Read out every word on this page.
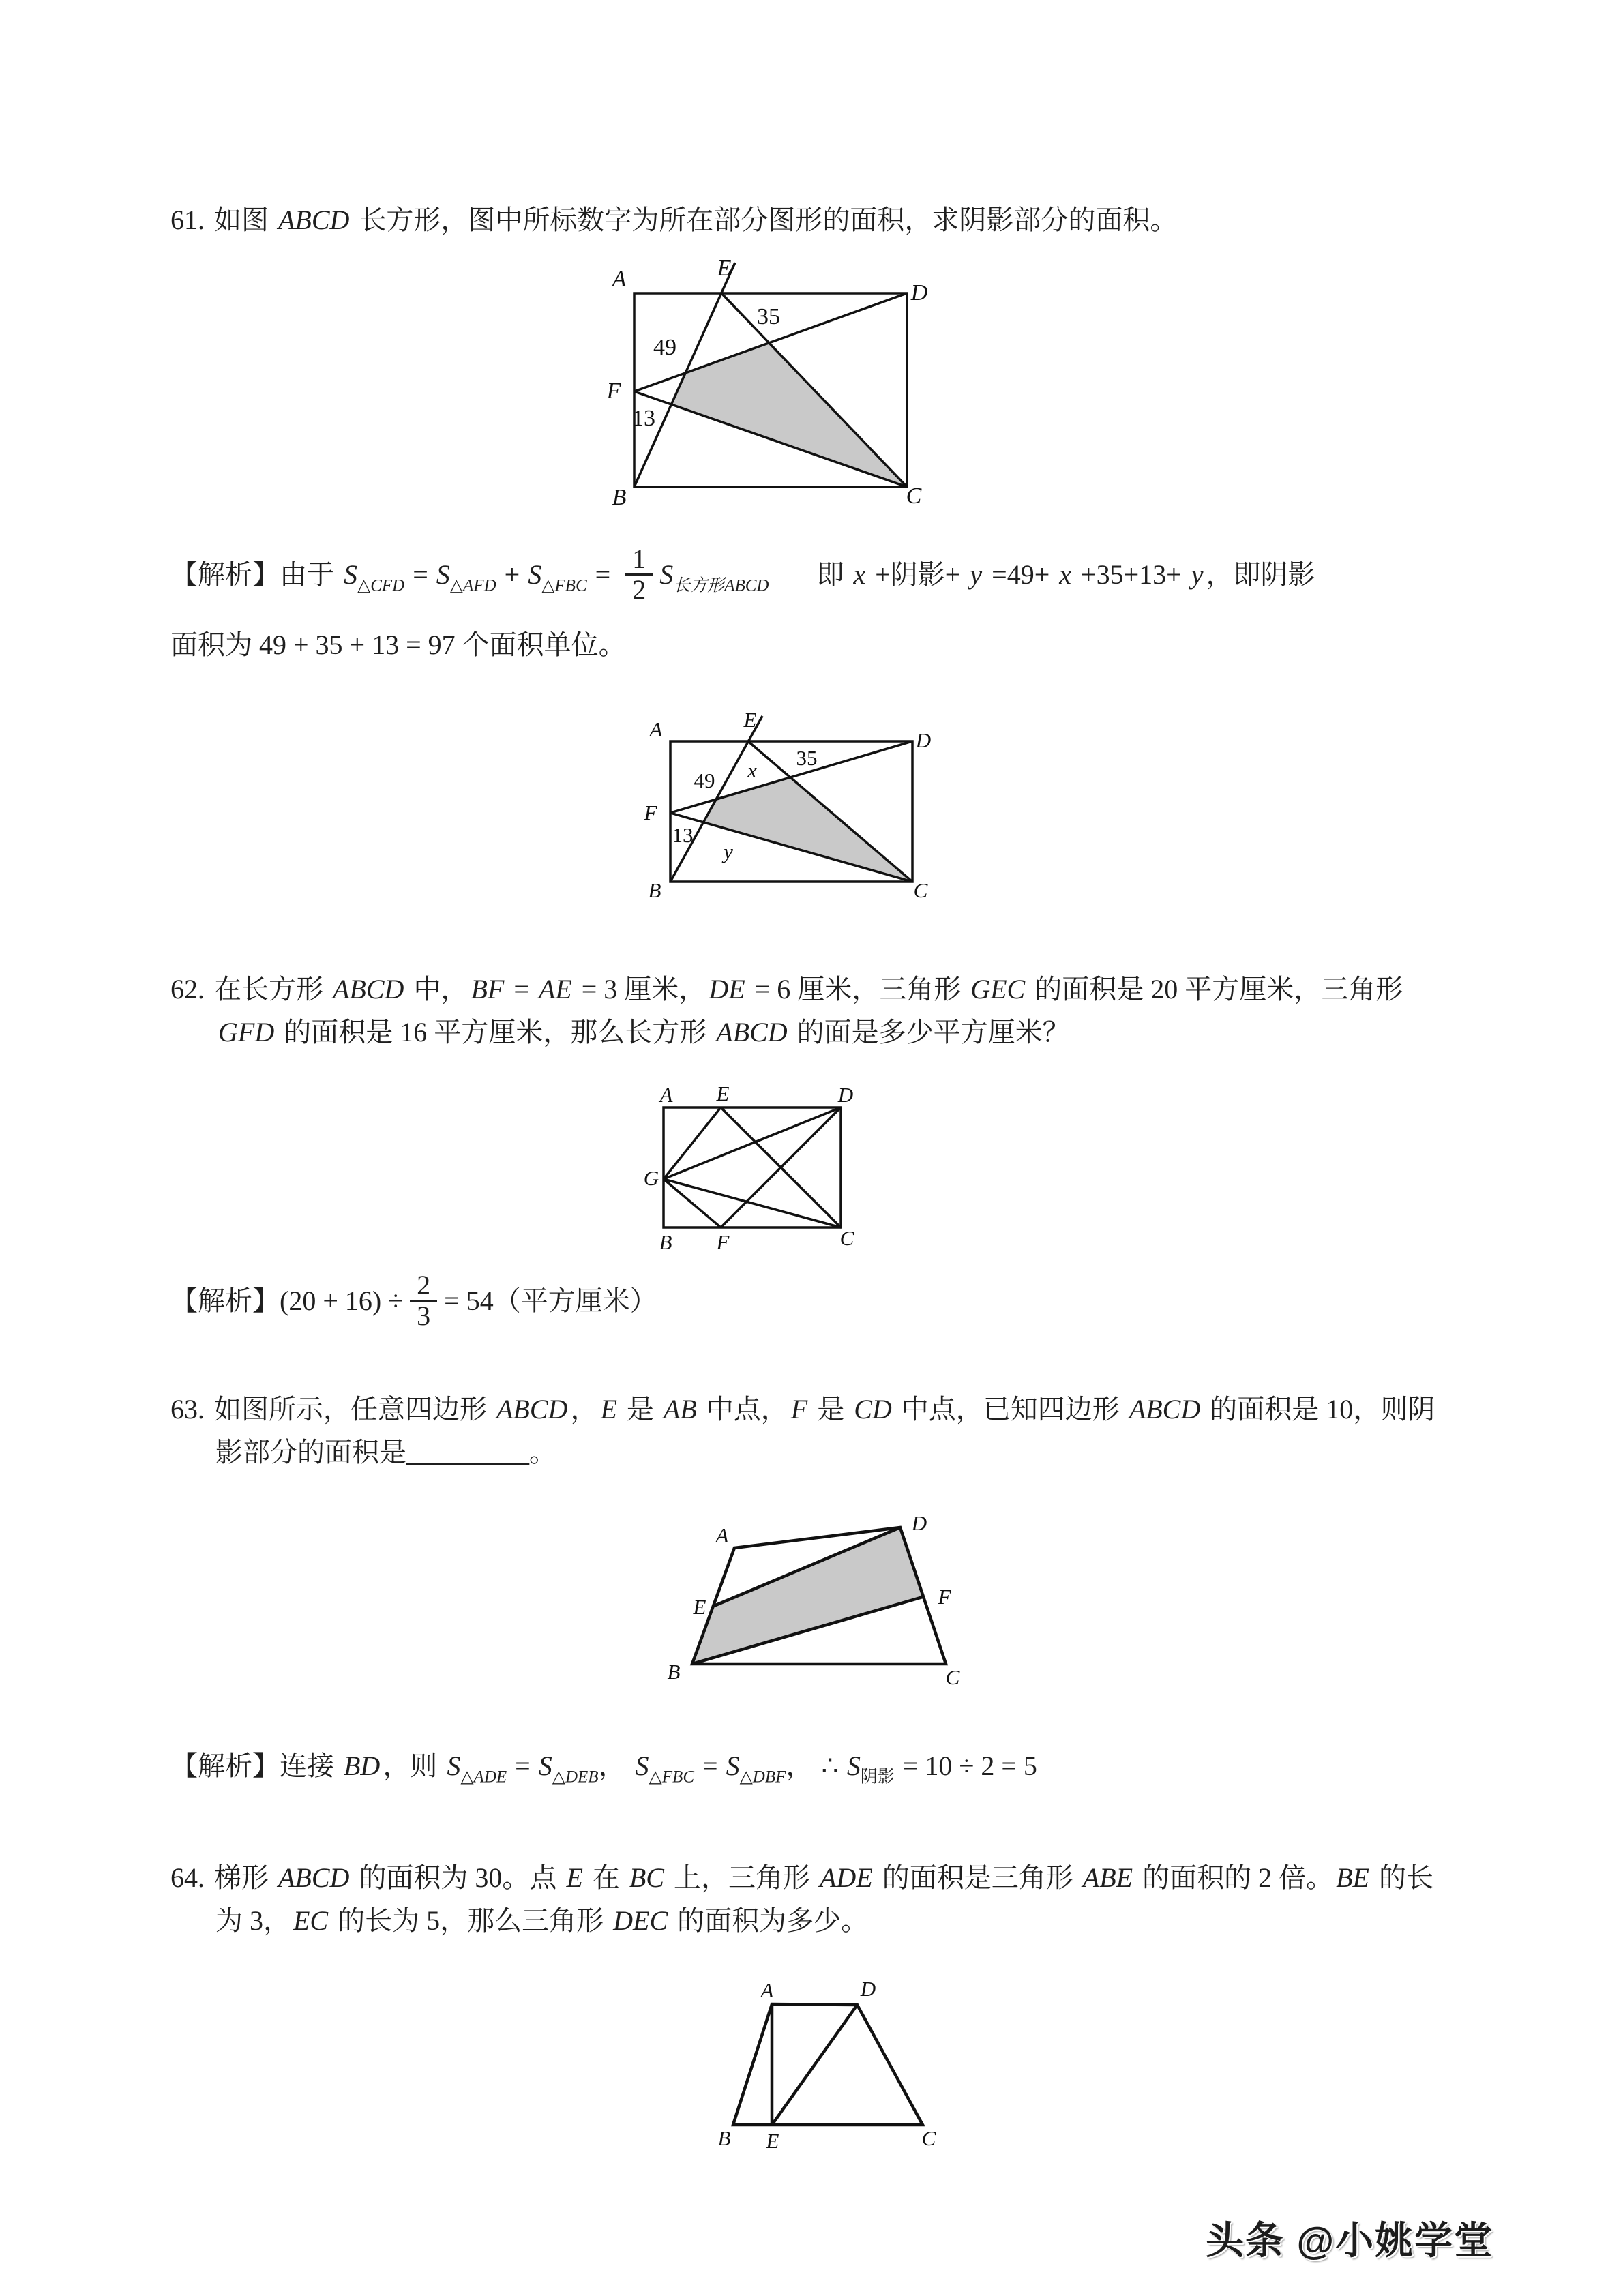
61. 如图 ABCD 长方形，图中所标数字为所在部分图形的面积，求阴影部分的面积。
A	E
D
F
B	C
49
35
13
【解析】由于 $S_{\triangle CFD} = S_{\triangle AFD} + S_{\triangle FBC} = \frac{1}{2} S_{长方形ABCD}$ 即 x +阴影+ y =49+ x +35+13+ y ，即阴影
面积为 49 + 35 + 13 = 97 个面积单位。
A	E
D
F
B	C
49
35
13
x
y
62. 在长方形 ABCD 中， BF = AE = 3 厘米， DE = 6 厘米，三角形 GEC 的面积是 20 平方厘米，三角形 GFD 的面积是 16 平方厘米，那么长方形 ABCD 的面是多少平方厘米？
A E	D
G
B F	C
【解析】$(20 + 16) \div \frac{2}{3} = 54$（平方厘米）
63. 如图所示，任意四边形 ABCD ， E 是 AB 中点， F 是 CD 中点，已知四边形 ABCD 的面积是 10，则阴影部分的面积是_________。
A
D
E	F
B	C
【解析】连接 BD ，则 $S_{\triangle ADE} = S_{\triangle DEB}$， $S_{\triangle FBC} = S_{\triangle DBF}$， ∴ $S_{阴影} = 10 \div 2 = 5$
64. 梯形 ABCD 的面积为 30。点 E 在 BC 上，三角形 ADE 的面积是三角形 ABE 的面积的 2 倍。 BE 的长为 3， EC 的长为 5，那么三角形 DEC 的面积为多少。
A	D
B E	C
头条 @小姚学堂
